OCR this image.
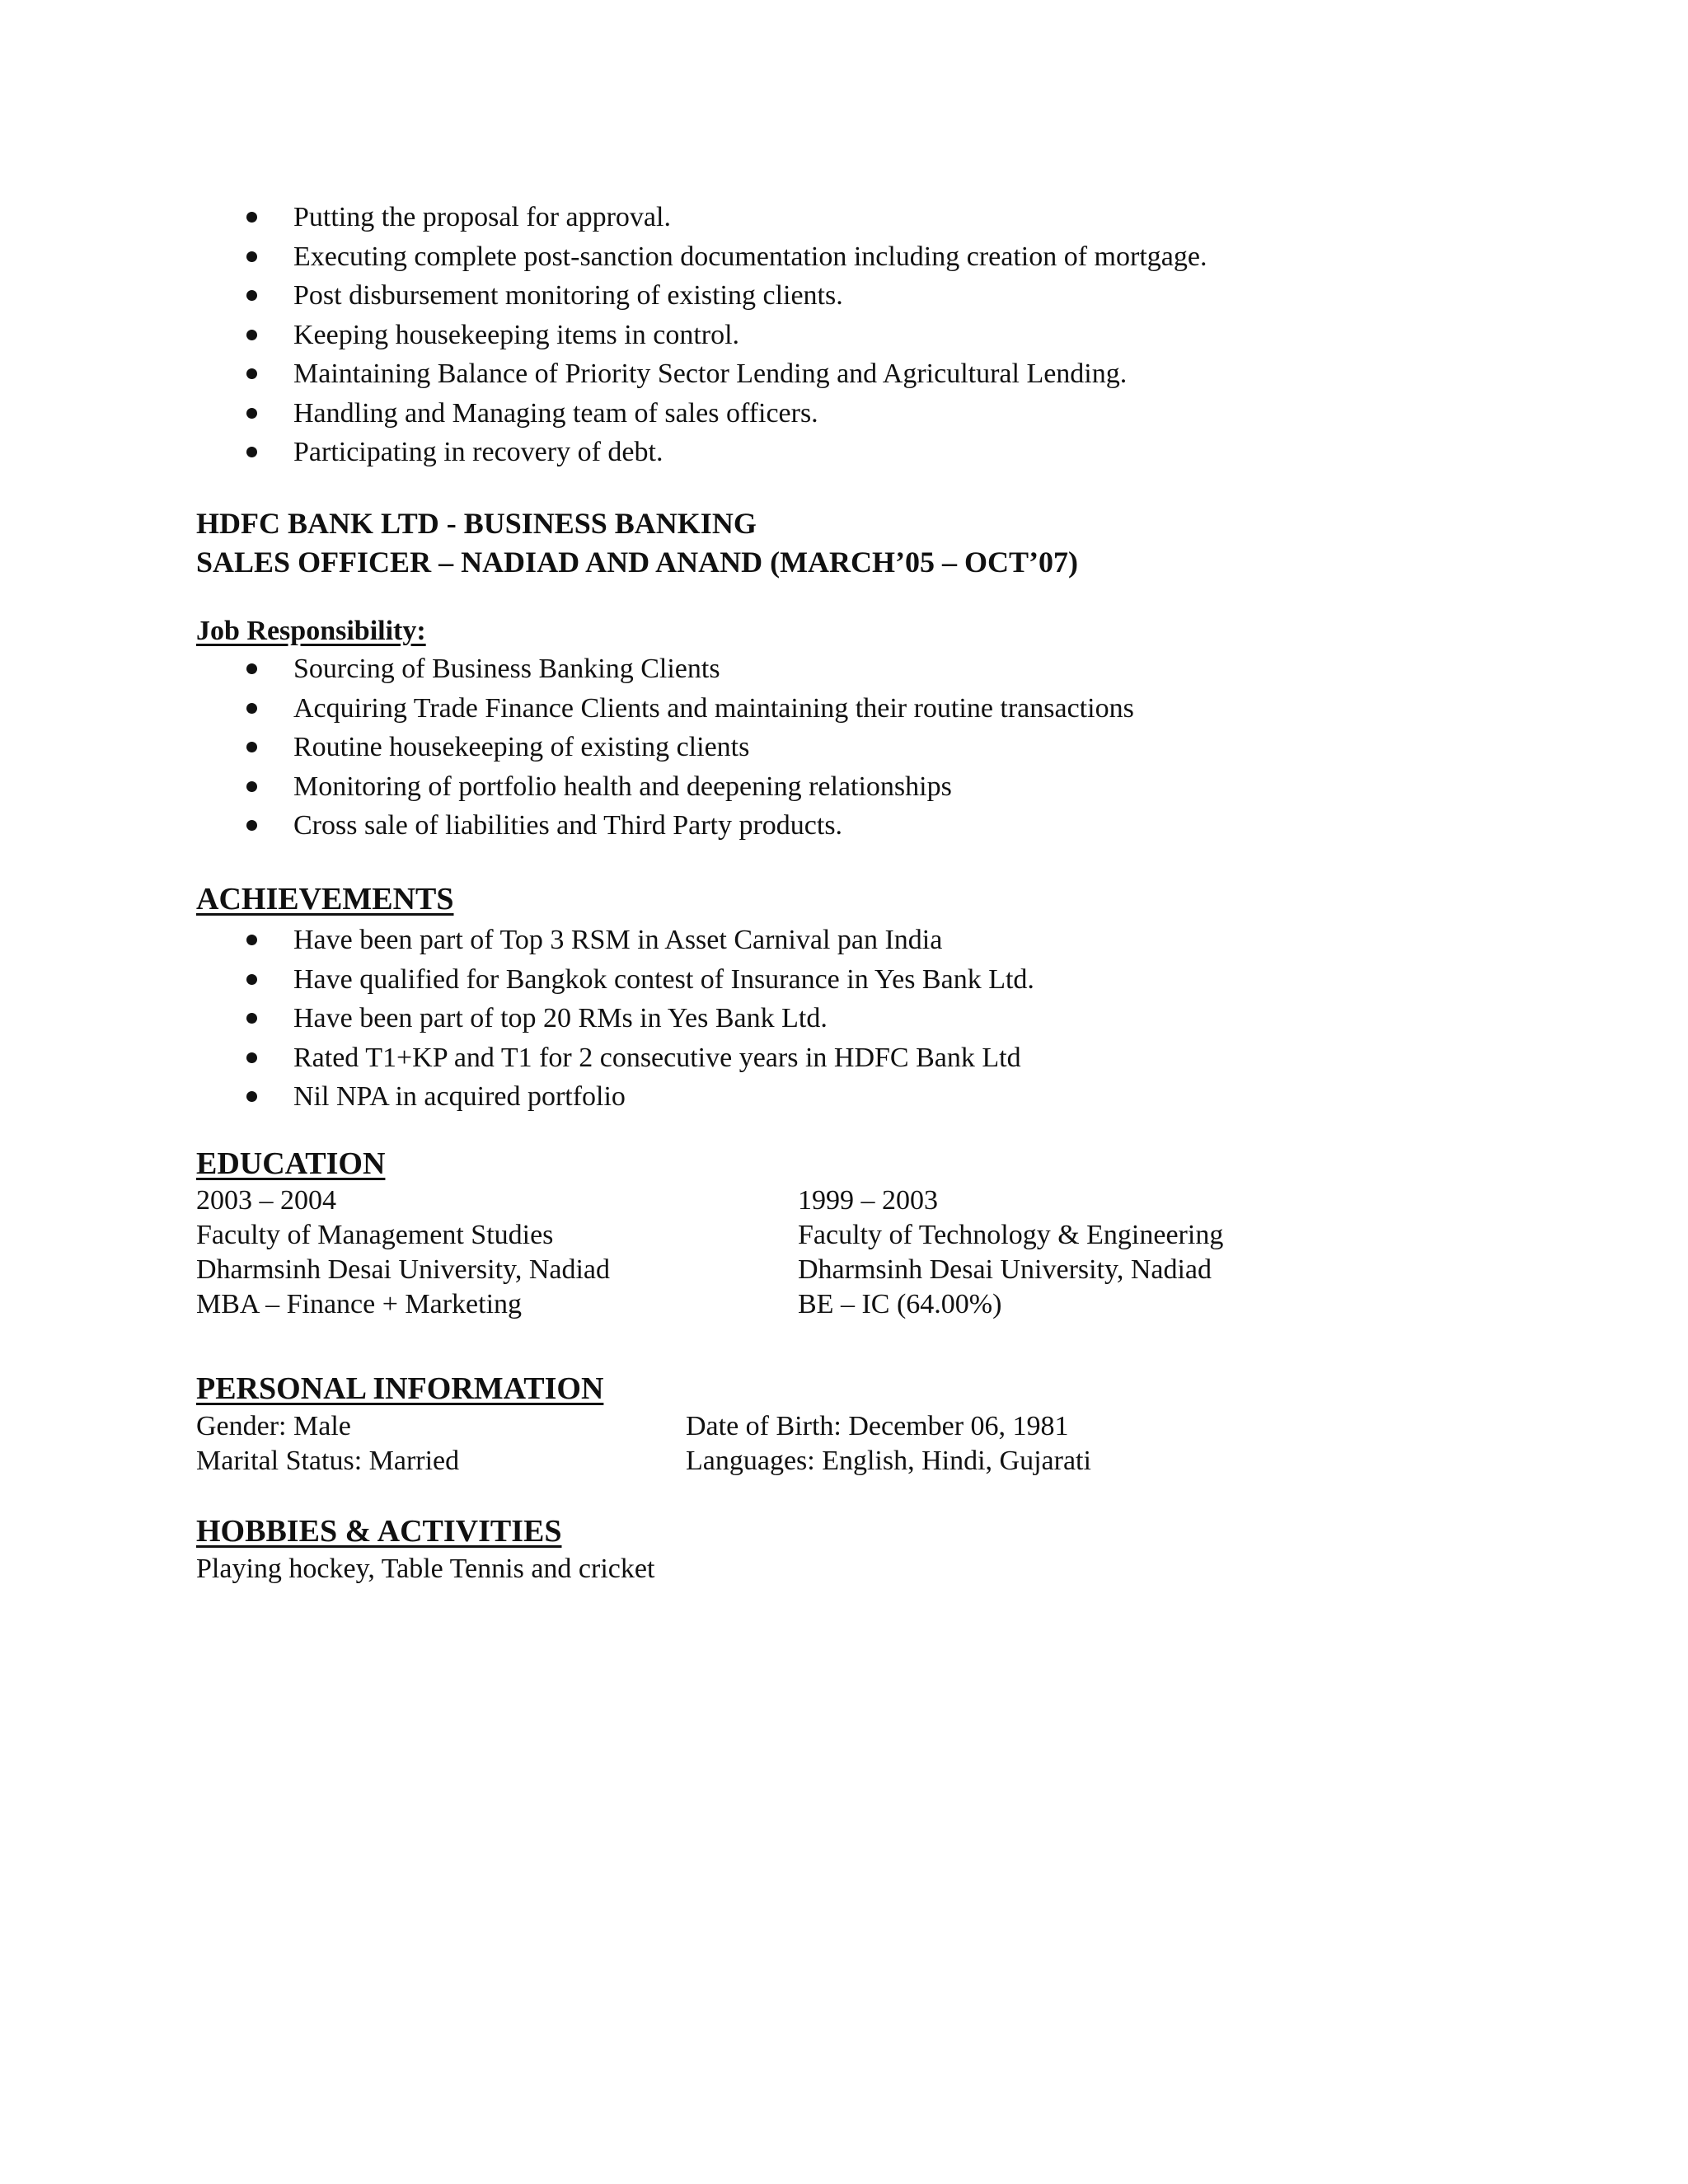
Putting the proposal for approval.
Executing complete post-sanction documentation including creation of mortgage.
Post disbursement monitoring of existing clients.
Keeping housekeeping items in control.
Maintaining Balance of Priority Sector Lending and Agricultural Lending.
Handling and Managing team of sales officers.
Participating in recovery of debt.
HDFC BANK LTD - BUSINESS BANKING
SALES OFFICER – NADIAD AND ANAND (MARCH’05 – OCT’07)
Job Responsibility:
Sourcing of Business Banking Clients
Acquiring Trade Finance Clients and maintaining their routine transactions
Routine housekeeping of existing clients
Monitoring of portfolio health and deepening relationships
Cross sale of liabilities and Third Party products.
ACHIEVEMENTS
Have been part of Top 3 RSM in Asset Carnival pan India
Have qualified for Bangkok contest of Insurance in Yes Bank Ltd.
Have been part of top 20 RMs in Yes Bank Ltd.
Rated T1+KP and T1 for 2 consecutive years in HDFC Bank Ltd
Nil NPA in acquired portfolio
EDUCATION
2003 – 2004
Faculty of Management Studies
Dharmsinh Desai University, Nadiad
MBA – Finance + Marketing
1999 – 2003
Faculty of Technology & Engineering
Dharmsinh Desai University, Nadiad
BE – IC (64.00%)
PERSONAL INFORMATION
Gender: Male
Marital Status: Married
Date of Birth: December 06, 1981
Languages: English, Hindi, Gujarati
HOBBIES & ACTIVITIES
Playing hockey, Table Tennis and cricket
